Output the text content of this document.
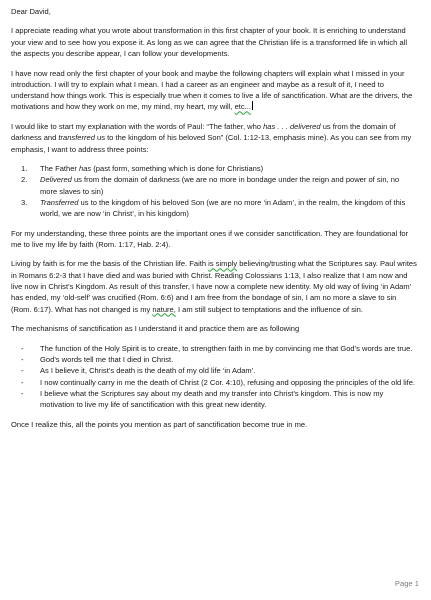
Dear David,

I appreciate reading what you wrote about transformation in this first chapter of your book. It is enriching to understand your view and to see how you expose it. As long as we can agree that the Christian life is a transformed life in which all the aspects you describe appear, I can follow your developments.

I have now read only the first chapter of your book and maybe the following chapters will explain what I missed in your introduction. I will try to explain what I mean. I had a career as an engineer and maybe as a result of it, I need to understand how things work. This is especially true when it comes to live a life of sanctification. What are the drivers, the motivations and how they work on me, my mind, my heart, my will, etc...

I would like to start my explanation with the words of Paul: “The father, who has . . . delivered us from the domain of darkness and transferred us to the kingdom of his beloved Son” (Col. 1:12-13, emphasis mine). As you can see from my emphasis, I want to address three points:

1. The Father has (past form, something which is done for Christians)
2. Delivered us from the domain of darkness (we are no more in bondage under the reign and power of sin, no more slaves to sin)
3. Transferred us to the kingdom of his beloved Son (we are no more ‘in Adam’, in the realm, the kingdom of this world, we are now ‘in Christ’, in his kingdom)

For my understanding, these three points are the important ones if we consider sanctification. They are foundational for me to live my life by faith (Rom. 1:17, Hab. 2:4).

Living by faith is for me the basis of the Christian life. Faith is simply believing/trusting what the Scriptures say. Paul writes in Romans 6:2-3 that I have died and was buried with Christ. Reading Colossians 1:13, I also realize that I am now and live now in Christ’s Kingdom. As result of this transfer, I have now a complete new identity. My old way of living ‘in Adam’ has ended, my ‘old-self’ was crucified (Rom. 6:6) and I am free from the bondage of sin, I am no more a slave to sin (Rom. 6:17). What has not changed is my nature, I am still subject to temptations and the influence of sin.

The mechanisms of sanctification as I understand it and practice them are as following

- The function of the Holy Spirit is to create, to strengthen faith in me by convincing me that God’s words are true.
- God’s words tell me that I died in Christ.
- As I believe it, Christ’s death is the death of my old life ‘in Adam’.
- I now continually carry in me the death of Christ (2 Cor. 4:10), refusing and opposing the principles of the old life.
- I believe what the Scriptures say about my death and my transfer into Christ’s kingdom. This is now my motivation to live my life of sanctification with this great new identity.

Once I realize this, all the points you mention as part of sanctification become true in me.

Page 1
